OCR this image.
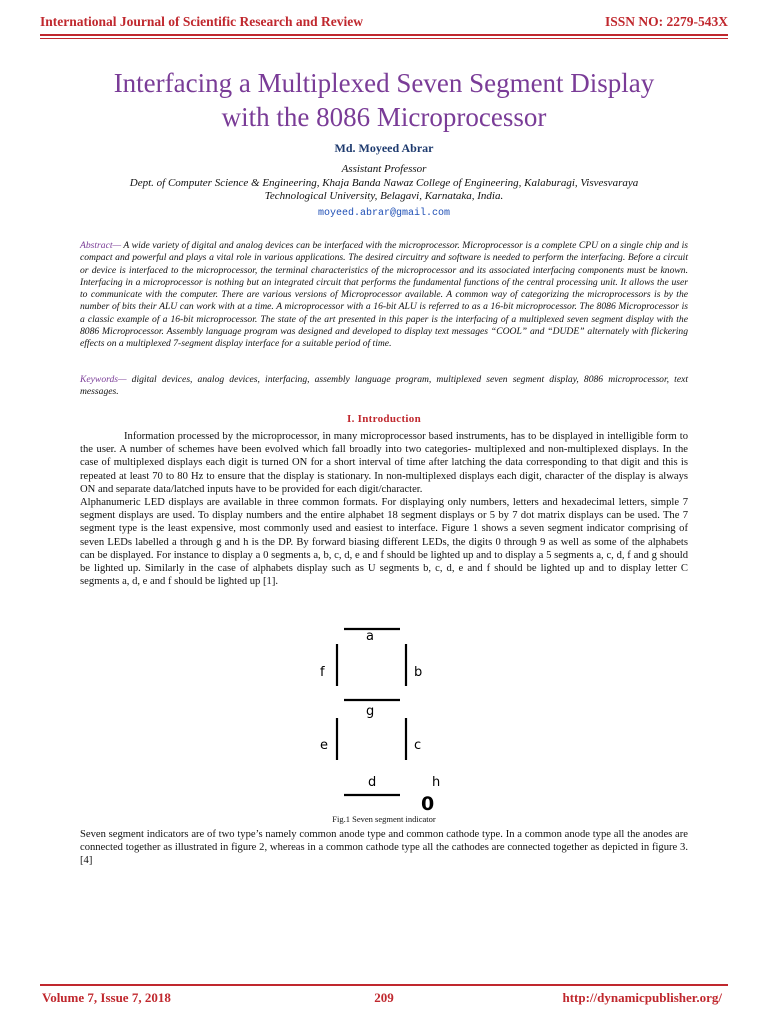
International Journal of Scientific Research and Review	ISSN NO: 2279-543X
Interfacing a Multiplexed Seven Segment Display
with the 8086 Microprocessor
Md. Moyeed Abrar
Assistant Professor
Dept. of Computer Science & Engineering, Khaja Banda Nawaz College of Engineering, Kalaburagi, Visvesvaraya
Technological University, Belagavi, Karnataka, India.
moyeed.abrar@gmail.com
Abstract— A wide variety of digital and analog devices can be interfaced with the microprocessor. Microprocessor is a complete CPU on a single chip and is compact and powerful and plays a vital role in various applications. The desired circuitry and software is needed to perform the interfacing. Before a circuit or device is interfaced to the microprocessor, the terminal characteristics of the microprocessor and its associated interfacing components must be known. Interfacing in a microprocessor is nothing but an integrated circuit that performs the fundamental functions of the central processing unit. It allows the user to communicate with the computer. There are various versions of Microprocessor available. A common way of categorizing the microprocessors is by the number of bits their ALU can work with at a time. A microprocessor with a 16-bit ALU is referred to as a 16-bit microprocessor. The 8086 Microprocessor is a classic example of a 16-bit microprocessor. The state of the art presented in this paper is the interfacing of a multiplexed seven segment display with the 8086 Microprocessor. Assembly language program was designed and developed to display text messages “COOL” and “DUDE” alternately with flickering effects on a multiplexed 7-segment display interface for a suitable period of time.
Keywords— digital devices, analog devices, interfacing, assembly language program, multiplexed seven segment display, 8086 microprocessor, text messages.
I. Introduction

Information processed by the microprocessor, in many microprocessor based instruments, has to be displayed in intelligible form to the user. A number of schemes have been evolved which fall broadly into two categories- multiplexed and non-multiplexed displays. In the case of multiplexed displays each digit is turned ON for a short interval of time after latching the data corresponding to that digit and this is repeated at least 70 to 80 Hz to ensure that the display is stationary. In non-multiplexed displays each digit, character of the display is always ON and separate data/latched inputs have to be provided for each digit/character.

Alphanumeric LED displays are available in three common formats. For displaying only numbers, letters and hexadecimal letters, simple 7 segment displays are used. To display numbers and the entire alphabet 18 segment displays or 5 by 7 dot matrix displays can be used. The 7 segment type is the least expensive, most commonly used and easiest to interface. Figure 1 shows a seven segment indicator comprising of seven LEDs labelled a through g and h is the DP. By forward biasing different LEDs, the digits 0 through 9 as well as some of the alphabets can be displayed. For instance to display a 0 segments a, b, c, d, e and f should be lighted up and to display a 5 segments a, c, d, f and g should be lighted up. Similarly in the case of alphabets display such as U segments b, c, d, e and f should be lighted up and to display letter C segments a, d, e and f should be lighted up [1].

a
f	b
g
e	c
d	h
0
Fig.1 Seven segment indicator

Seven segment indicators are of two type’s namely common anode type and common cathode type. In a common anode type all the anodes are connected together as illustrated in figure 2, whereas in a common cathode type all the cathodes are connected together as depicted in figure 3.[4]

Volume 7, Issue 7, 2018	209	http://dynamicpublisher.org/
